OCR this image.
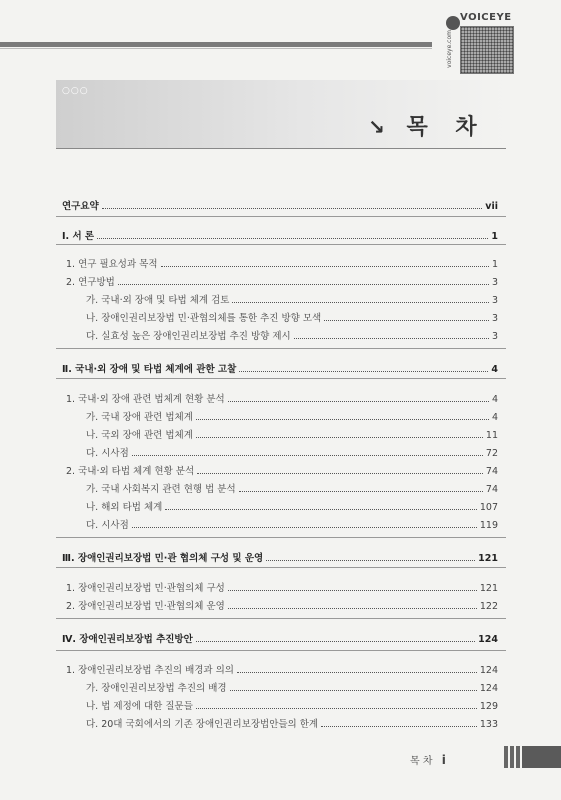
VOICEYE
voiceye.com
○○○
↘ 목 차
연구요약	vii
Ⅰ. 서 론	1
1. 연구 필요성과 목적	1
2. 연구방법	3
가. 국내·외 장애 및 타법 체계 검토	3
나. 장애인권리보장법 민·관협의체를 통한 추진 방향 모색	3
다. 실효성 높은 장애인권리보장법 추진 방향 제시	3
Ⅱ. 국내·외 장애 및 타법 체계에 관한 고찰	4
1. 국내·외 장애 관련 법체계 현황 분석	4
가. 국내 장애 관련 법체계	4
나. 국외 장애 관련 법체계	11
다. 시사점	72
2. 국내·외 타법 체계 현황 분석	74
가. 국내 사회복지 관련 현행 법 분석	74
나. 해외 타법 체계	107
다. 시사점	119
Ⅲ. 장애인권리보장법 민·관 협의체 구성 및 운영	121
1. 장애인권리보장법 민·관협의체 구성	121
2. 장애인권리보장법 민·관협의체 운영	122
Ⅳ. 장애인권리보장법 추진방안	124
1. 장애인권리보장법 추진의 배경과 의의	124
가. 장애인권리보장법 추진의 배경	124
나. 법 제정에 대한 질문들	129
다. 20대 국회에서의 기존 장애인권리보장법안들의 한계	133
목 차 i
